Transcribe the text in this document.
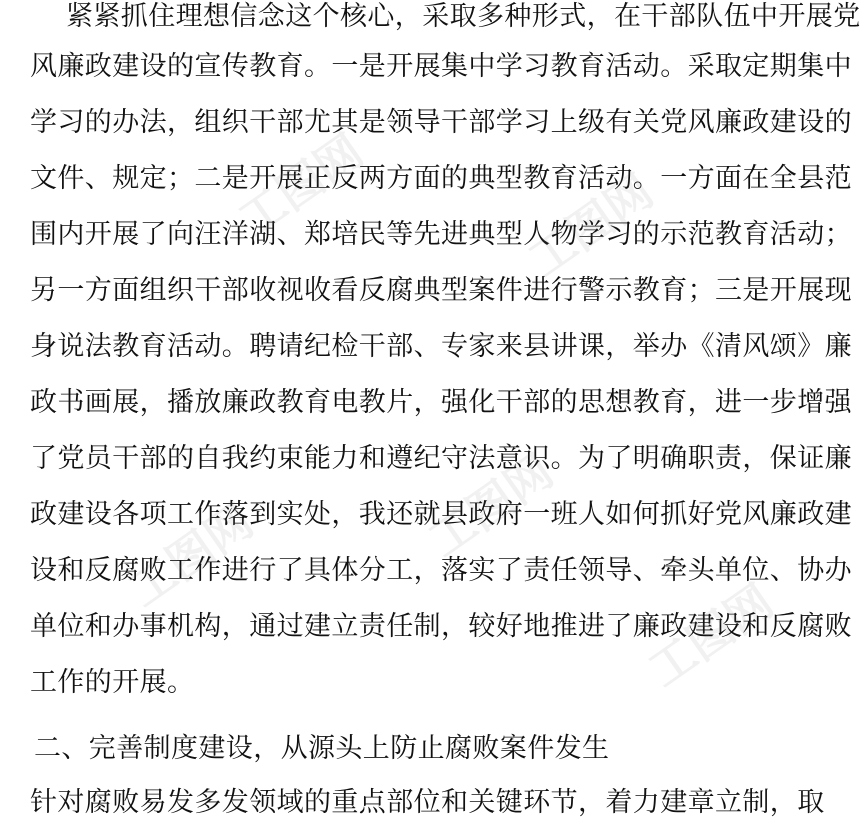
紧紧抓住理想信念这个核心，采取多种形式，在干部队伍中开展党
风廉政建设的宣传教育。一是开展集中学习教育活动。采取定期集中
学习的办法，组织干部尤其是领导干部学习上级有关党风廉政建设的
文件、规定；二是开展正反两方面的典型教育活动。一方面在全县范
围内开展了向汪洋湖、郑培民等先进典型人物学习的示范教育活动；
另一方面组织干部收视收看反腐典型案件进行警示教育；三是开展现
身说法教育活动。聘请纪检干部、专家来县讲课，举办《清风颂》廉
政书画展，播放廉政教育电教片，强化干部的思想教育，进一步增强
了党员干部的自我约束能力和遵纪守法意识。为了明确职责，保证廉
政建设各项工作落到实处，我还就县政府一班人如何抓好党风廉政建
设和反腐败工作进行了具体分工，落实了责任领导、牵头单位、协办
单位和办事机构，通过建立责任制，较好地推进了廉政建设和反腐败
工作的开展。
二、完善制度建设，从源头上防止腐败案件发生
针对腐败易发多发领域的重点部位和关键环节，着力建章立制，取
工图网	工图网
工图网
工图网
工图网
